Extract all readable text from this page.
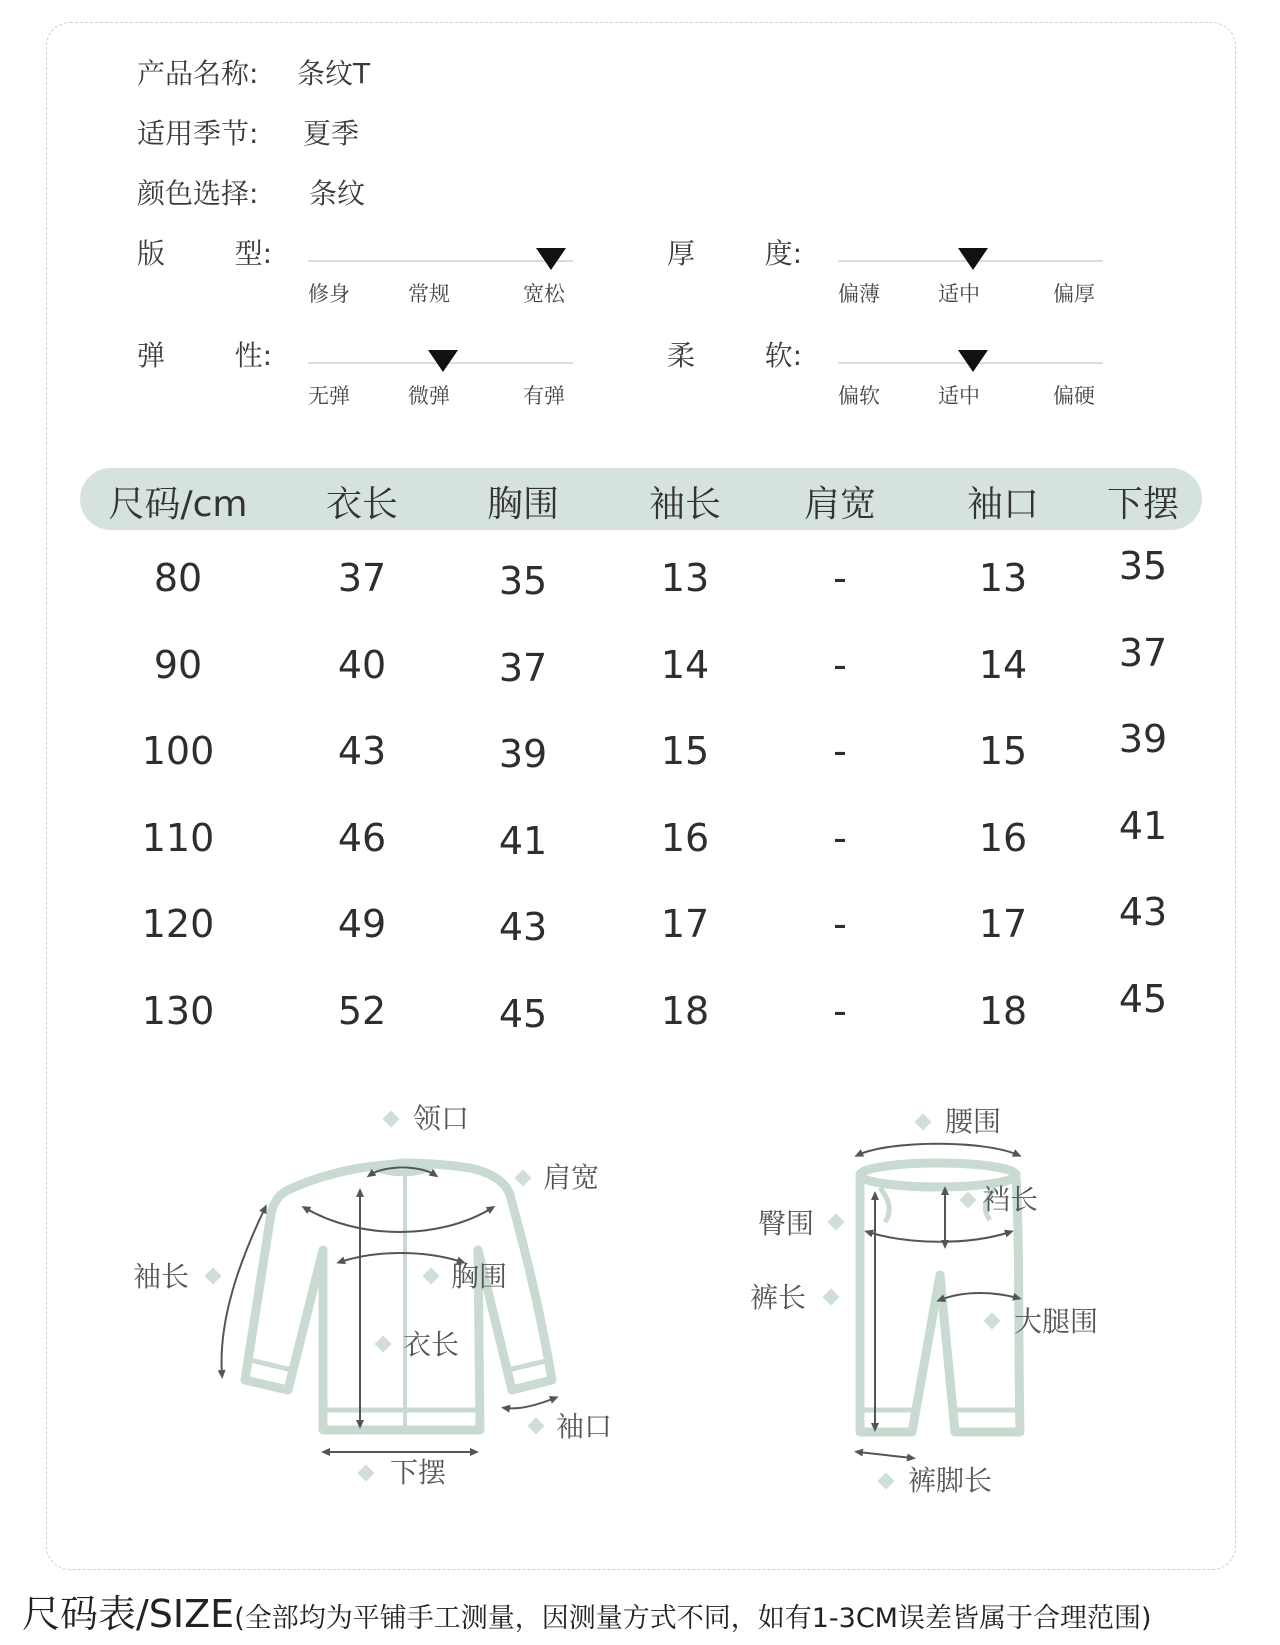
产品名称: 条纹T
适用季节: 夏季
颜色选择: 条纹
版 型:
修身	常规	宽松
厚 度:
偏薄	适中	偏厚
弹 性:
无弹	微弹	有弹
柔 软:
偏软	适中	偏硬
尺码/cm 衣长 胸围 袖长 肩宽	袖口 下摆
80	37	35	13	-	13 35
90	40	37	14	-	14 37
100	43	39	15	-	15 39
110	46	41	16	-	16 41
120	49	43	17	-	17 43
130	52	45	18	-	18 45
领口
肩宽
袖长	胸围
衣长
袖口
下摆
腰围
裆长
臀围
裤长
大腿围
裤脚长
尺码表/SIZE(全部均为平铺手工测量，因测量方式不同，如有1-3CM误差皆属于合理范围)
